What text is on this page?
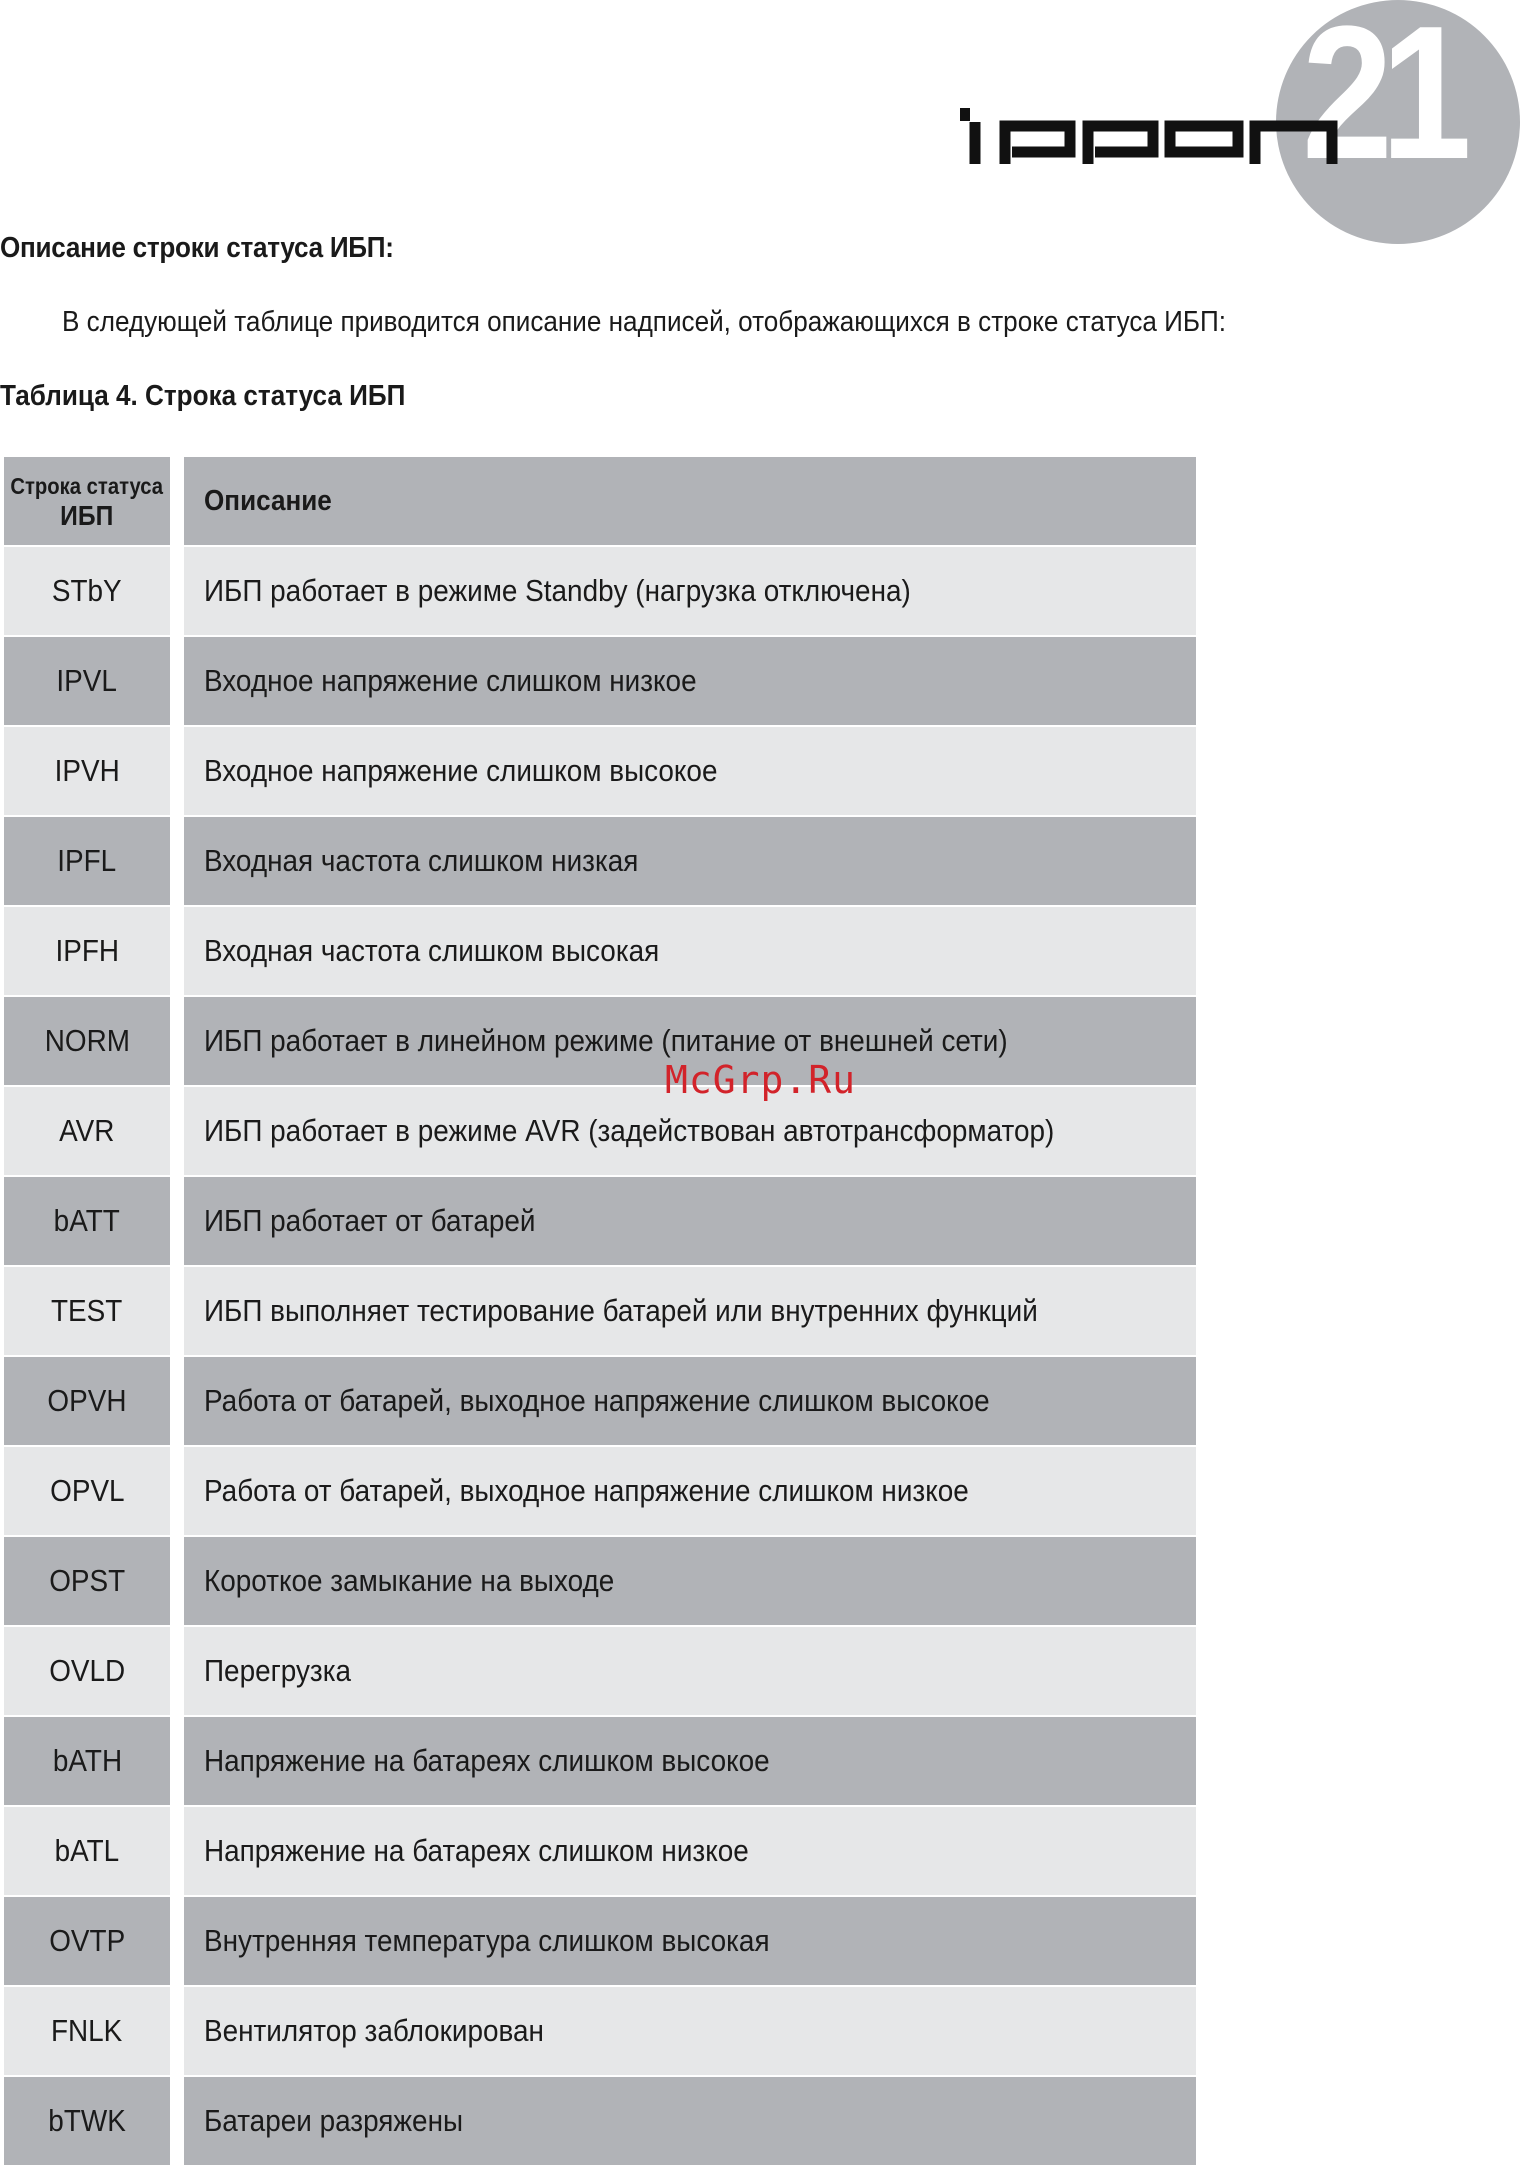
21
Описание строки статуса ИБП:
В следующей таблице приводится описание надписей, отображающихся в строке статуса ИБП:
Таблица 4. Строка статуса ИБП
Строка статуса
ИБП	Описание
STbY	ИБП работает в режиме Standby (нагрузка отключена)
IPVL	Входное напряжение слишком низкое
IPVH	Входное напряжение слишком высокое
IPFL	Входная частота слишком низкая
IPFH	Входная частота слишком высокая
NORM ИБП работает в линейном режиме (питание от внешней сети)
AVR	ИБП работает в режиме AVR (задействован автотрансформатор)
bATT	ИБП работает от батарей
TEST	ИБП выполняет тестирование батарей или внутренних функций
OPVH Работа от батарей, выходное напряжение слишком высокое
OPVL	Работа от батарей, выходное напряжение слишком низкое
OPST	Короткое замыкание на выходе
OVLD	Перегрузка
bATH	Напряжение на батареях слишком высокое
bATL	Напряжение на батареях слишком низкое
OVTP	Внутренняя температура слишком высокая
FNLK	Вентилятор заблокирован
bTWK	Батареи разряжены
McGrp.Ru
